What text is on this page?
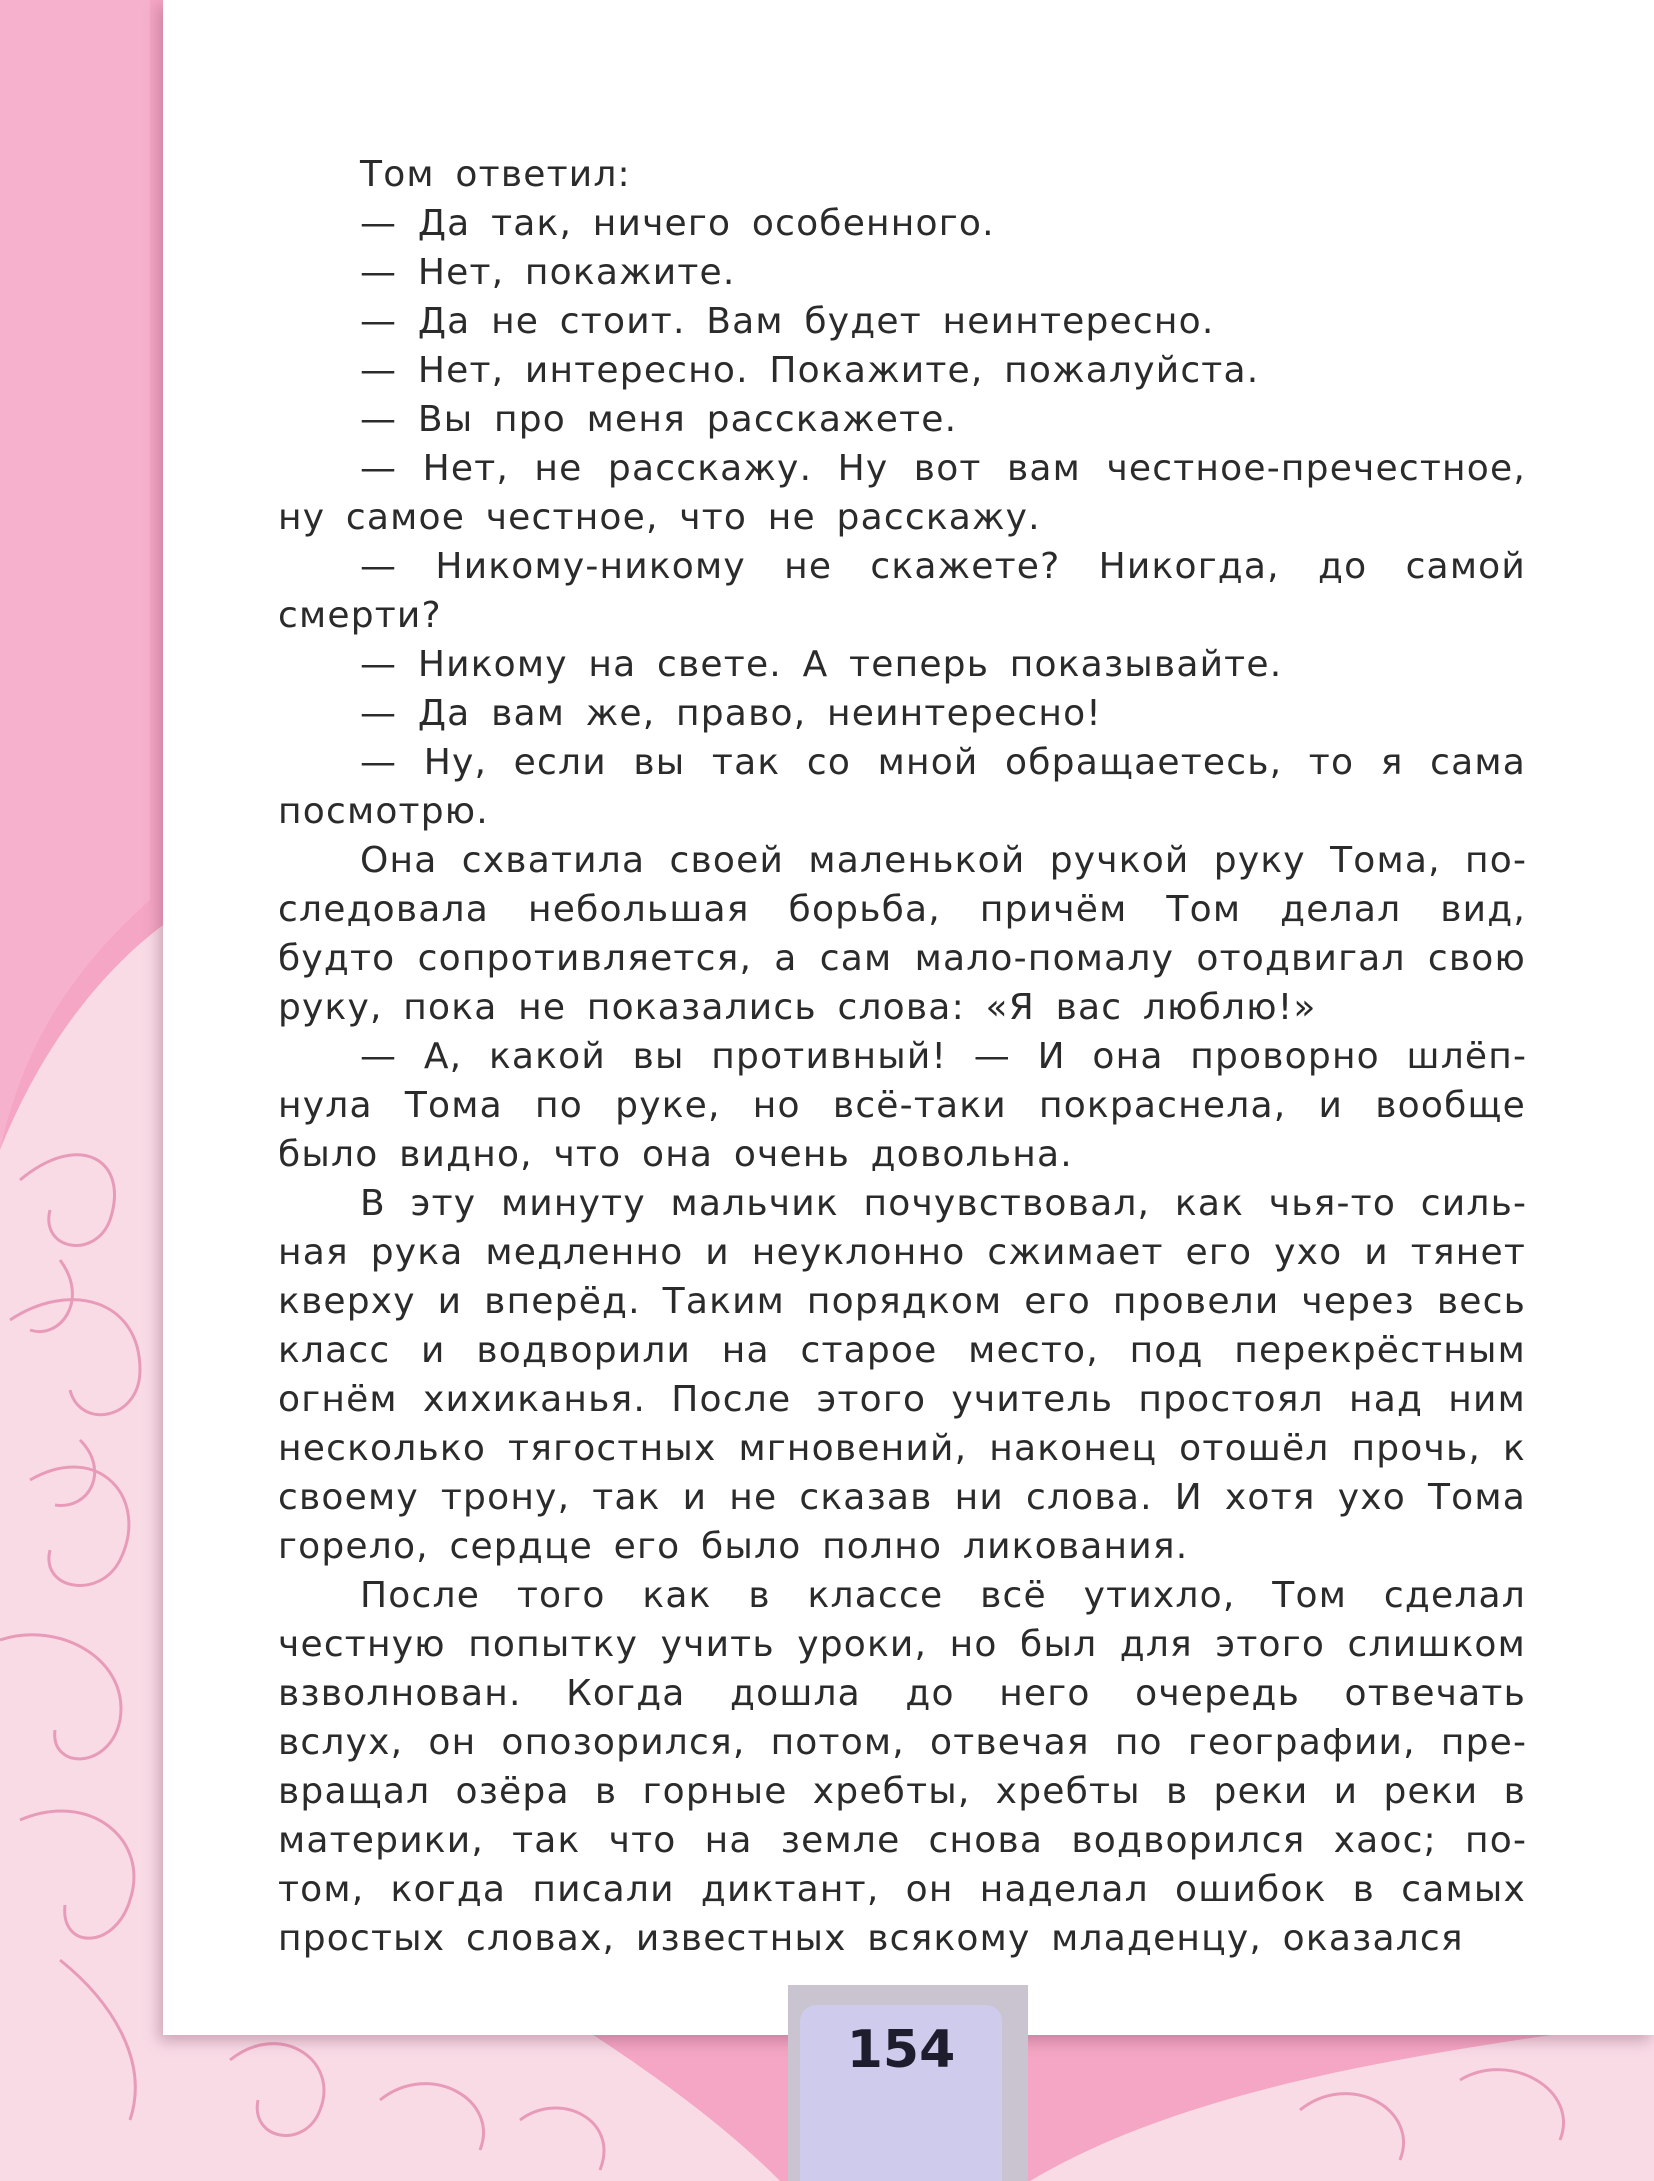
Том ответил:

— Да так, ничего особенного.

— Нет, покажите.

— Да не стоит. Вам будет неинтересно.

— Нет, интересно. Покажите, пожалуйста.

— Вы про меня расскажете.

— Нет, не расскажу. Ну вот вам честное-пречестное, ну самое честное, что не расскажу.

— Никому-никому не скажете? Никогда, до самой смерти?

— Никому на свете. А теперь показывайте.

— Да вам же, право, неинтересно!

— Ну, если вы так со мной обращаетесь, то я сама посмотрю.

Она схватила своей маленькой ручкой руку Тома, последовала небольшая борьба, причём Том делал вид, будто сопротивляется, а сам мало-помалу отодвигал свою руку, пока не показались слова: «Я вас люблю!»

— А, какой вы противный! — И она проворно шлёпнула Тома по руке, но всё-таки покраснела, и вообще было видно, что она очень довольна.

В эту минуту мальчик почувствовал, как чья-то сильная рука медленно и неуклонно сжимает его ухо и тянет кверху и вперёд. Таким порядком его провели через весь класс и водворили на старое место, под перекрёстным огнём хихиканья. После этого учитель простоял над ним несколько тягостных мгновений, наконец отошёл прочь, к своему трону, так и не сказав ни слова. И хотя ухо Тома горело, сердце его было полно ликования.

После того как в классе всё утихло, Том сделал честную попытку учить уроки, но был для этого слишком взволнован. Когда дошла до него очередь отвечать вслух, он опозорился, потом, отвечая по географии, превращал озёра в горные хребты, хребты в реки и реки в материки, так что на земле снова водворился хаос; потом, когда писали диктант, он наделал ошибок в самых простых словах, известных всякому младенцу, оказался

154
